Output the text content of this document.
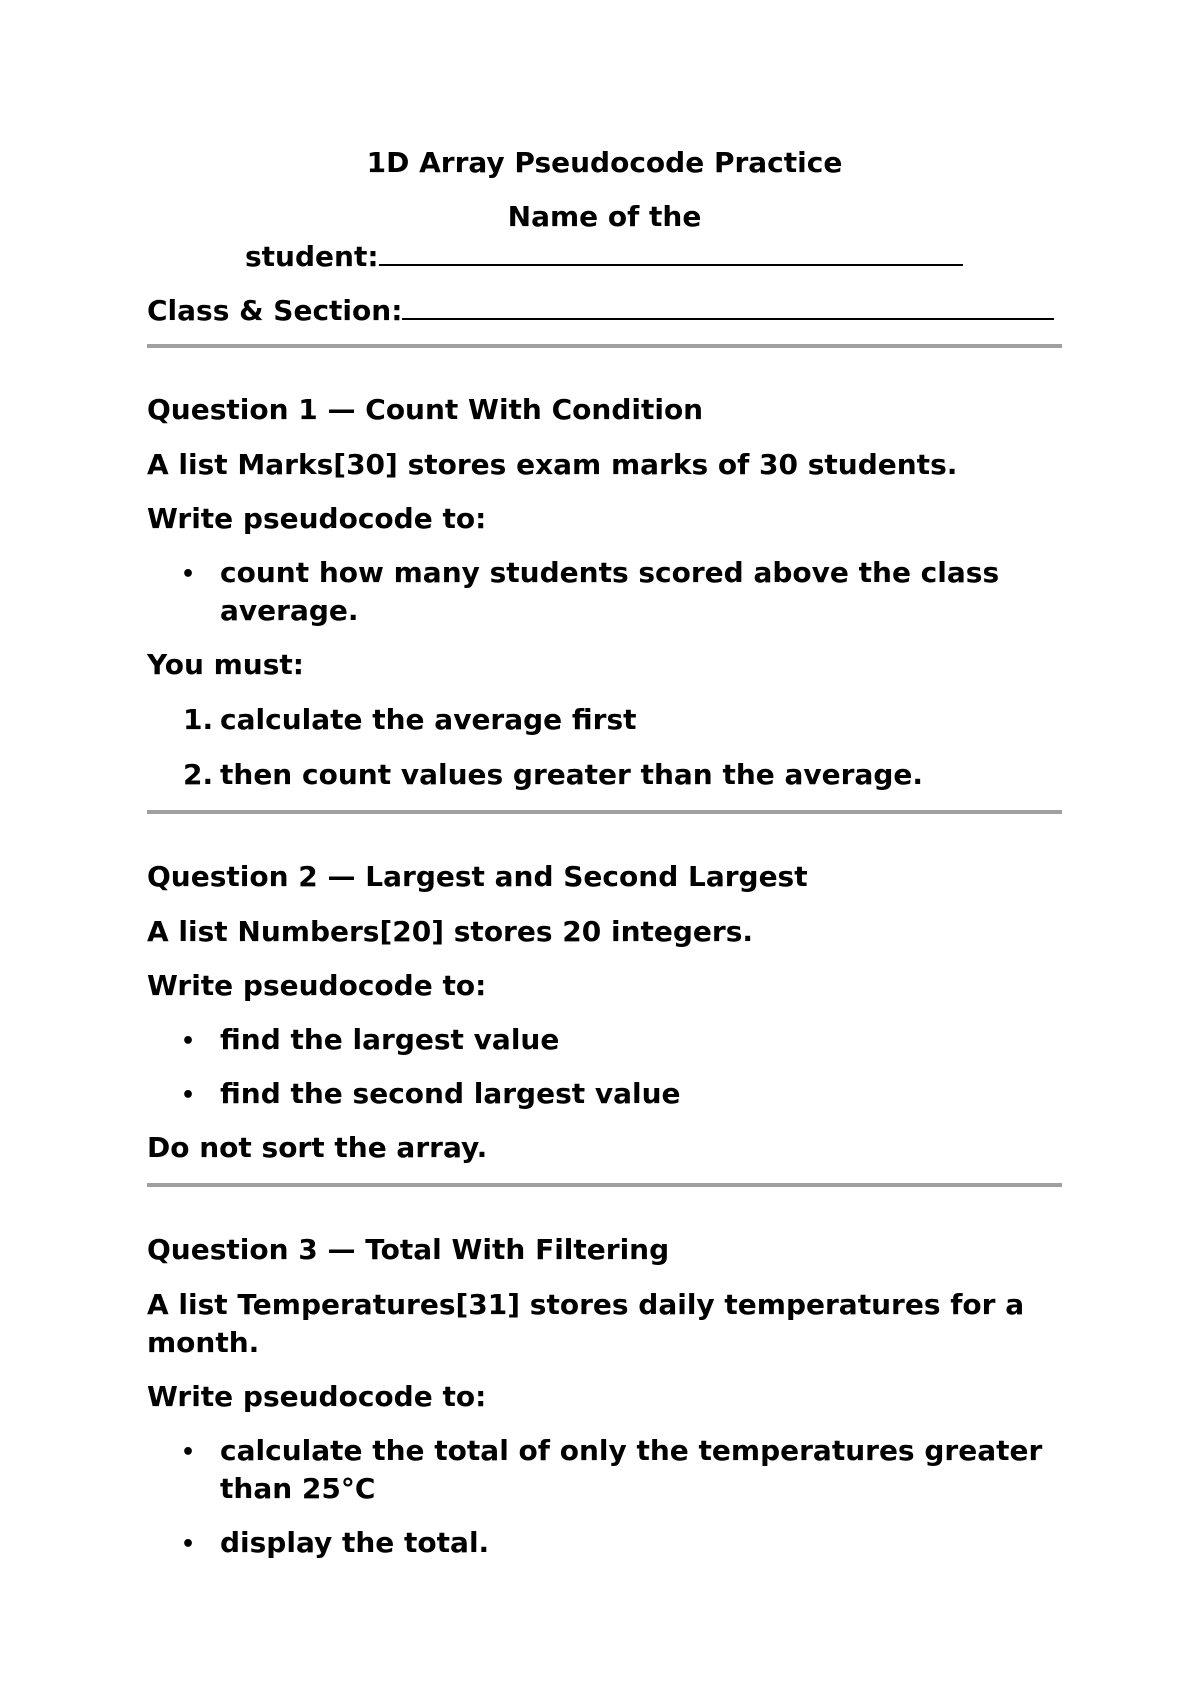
1D Array Pseudocode Practice
Name of the
student:
Class & Section:
Question 1 — Count With Condition
A list Marks[30] stores exam marks of 30 students.
Write pseudocode to:
• count how many students scored above the class
average.
You must:
1. calculate the average first
2. then count values greater than the average.
Question 2 — Largest and Second Largest
A list Numbers[20] stores 20 integers.
Write pseudocode to:
• find the largest value
• find the second largest value
Do not sort the array.
Question 3 — Total With Filtering
A list Temperatures[31] stores daily temperatures for a
month.
Write pseudocode to:
• calculate the total of only the temperatures greater
than 25°C
• display the total.
